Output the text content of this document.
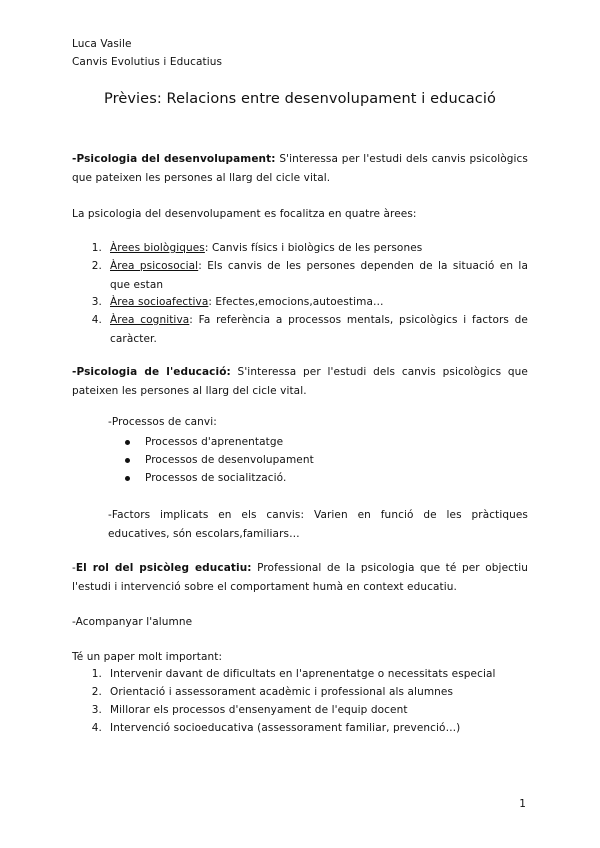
Luca Vasile
Canvis Evolutius i Educatius
Prèvies: Relacions entre desenvolupament i educació
-Psicologia del desenvolupament: S'interessa per l'estudi dels canvis psicològics que pateixen les persones al llarg del cicle vital.
La psicologia del desenvolupament es focalitza en quatre àrees:
1. Àrees biològiques: Canvis físics i biològics de les persones
2. Àrea psicosocial: Els canvis de les persones dependen de la situació en la que estan
3. Àrea socioafectiva: Efectes,emocions,autoestima…
4. Àrea cognitiva: Fa referència a processos mentals, psicològics i factors de caràcter.
-Psicologia de l'educació: S'interessa per l'estudi dels canvis psicològics que pateixen les persones al llarg del cicle vital.
-Processos de canvi:
Processos d'aprenentatge
Processos de desenvolupament
Processos de socialització.
-Factors implicats en els canvis: Varien en funció de les pràctiques educatives, són escolars,familiars…
-El rol del psicòleg educatiu: Professional de la psicologia que té per objectiu l'estudi i intervenció sobre el comportament humà en context educatiu.
-Acompanyar l'alumne
Té un paper molt important:
1. Intervenir davant de dificultats en l'aprenentatge o necessitats especial
2. Orientació i assessorament acadèmic i professional als alumnes
3. Millorar els processos d'ensenyament de l'equip docent
4. Intervenció socioeducativa (assessorament familiar, prevenció…)
1
